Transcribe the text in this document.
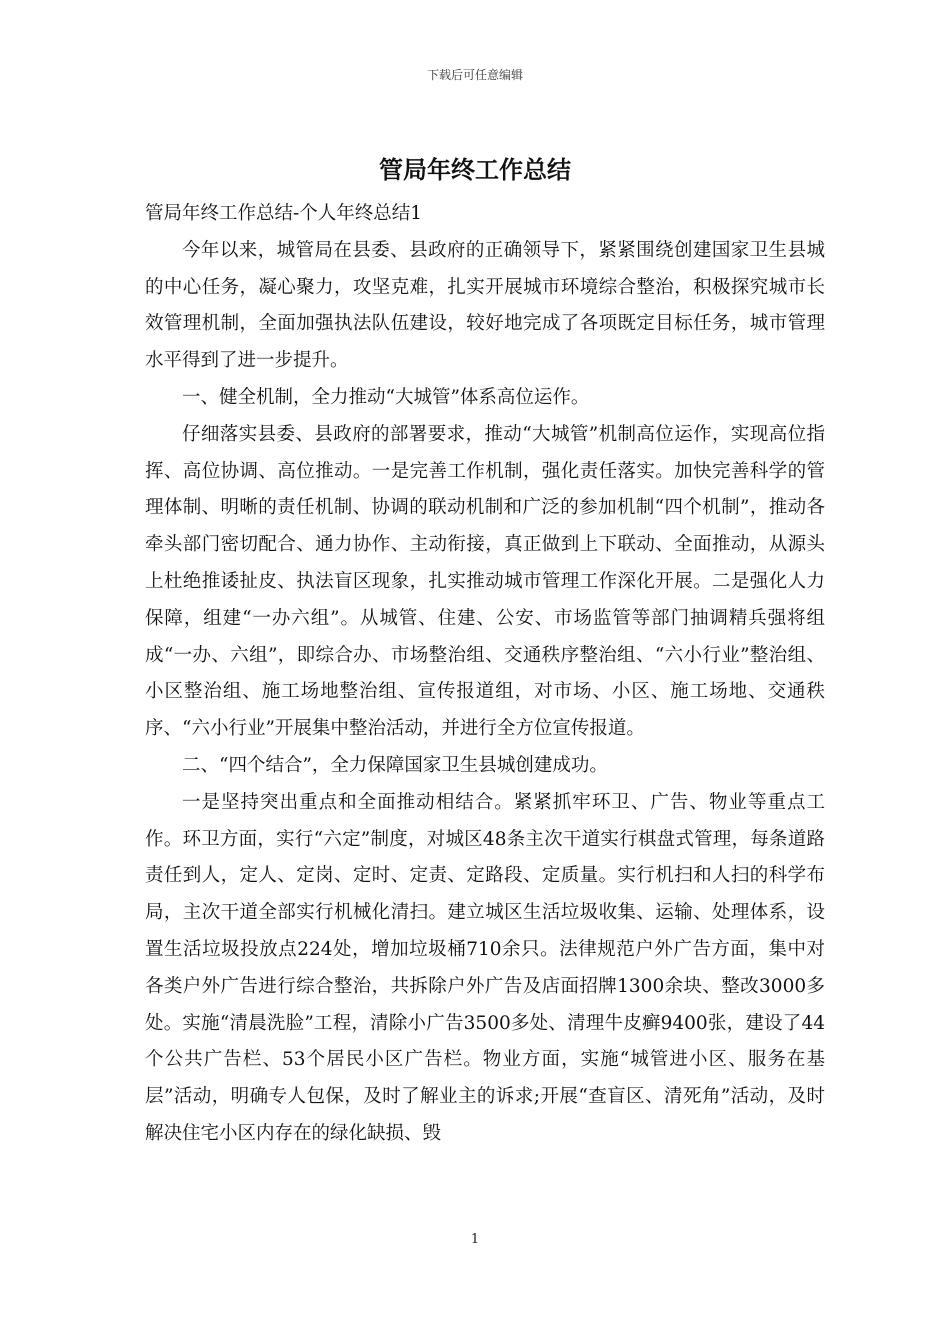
下载后可任意编辑
管局年终工作总结

管局年终工作总结-个人年终总结1

今年以来，城管局在县委、县政府的正确领导下，紧紧围绕创建国家卫生县城的中心任务，凝心聚力，攻坚克难，扎实开展城市环境综合整治，积极探究城市长效管理机制，全面加强执法队伍建设，较好地完成了各项既定目标任务，城市管理水平得到了进一步提升。

一、健全机制，全力推动“大城管”体系高位运作。

仔细落实县委、县政府的部署要求，推动“大城管”机制高位运作，实现高位指挥、高位协调、高位推动。一是完善工作机制，强化责任落实。加快完善科学的管理体制、明晰的责任机制、协调的联动机制和广泛的参加机制“四个机制”，推动各牵头部门密切配合、通力协作、主动衔接，真正做到上下联动、全面推动，从源头上杜绝推诿扯皮、执法盲区现象，扎实推动城市管理工作深化开展。二是强化人力保障，组建“一办六组”。从城管、住建、公安、市场监管等部门抽调精兵强将组成“一办、六组”，即综合办、市场整治组、交通秩序整治组、“六小行业”整治组、小区整治组、施工场地整治组、宣传报道组，对市场、小区、施工场地、交通秩序、“六小行业”开展集中整治活动，并进行全方位宣传报道。

二、“四个结合”，全力保障国家卫生县城创建成功。

一是坚持突出重点和全面推动相结合。紧紧抓牢环卫、广告、物业等重点工作。环卫方面，实行“六定”制度，对城区48条主次干道实行棋盘式管理，每条道路责任到人，定人、定岗、定时、定责、定路段、定质量。实行机扫和人扫的科学布局，主次干道全部实行机械化清扫。建立城区生活垃圾收集、运输、处理体系，设置生活垃圾投放点224处，增加垃圾桶710余只。法律规范户外广告方面，集中对各类户外广告进行综合整治，共拆除户外广告及店面招牌1300余块、整改3000多处。实施“清晨洗脸”工程，清除小广告3500多处、清理牛皮癣9400张，建设了44个公共广告栏、53个居民小区广告栏。物业方面，实施“城管进小区、服务在基层”活动，明确专人包保，及时了解业主的诉求;开展“查盲区、清死角”活动，及时解决住宅小区内存在的绿化缺损、毁

1
